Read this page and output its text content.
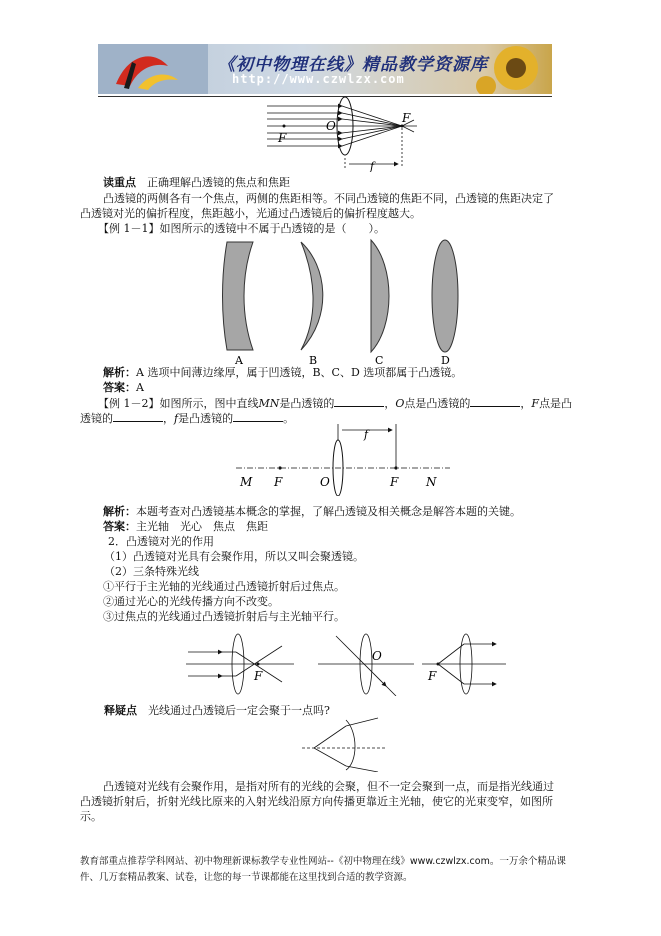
《初中物理在线》精品教学资源库
http://www.czwlzx.com
O
F
F
f
读重点　 正确理解凸透镜的焦点和焦距
凸透镜的两侧各有一个焦点，两侧的焦距相等。不同凸透镜的焦距不同，凸透镜的焦距决定了
凸透镜对光的偏折程度，焦距越小，光通过凸透镜后的偏折程度越大。
【例 1－1】如图所示的透镜中不属于凸透镜的是（　　）。
A	B	C	D
解析：A 选项中间薄边缘厚，属于凹透镜，B、C、D 选项都属于凸透镜。
答案：A
【例 1－2】如图所示，图中直线MN是凸透镜的	，O点是凸透镜的	，F点是凸
透镜的	，f是凸透镜的	。
f
M F	O	F N
解析：本题考查对凸透镜基本概念的掌握，了解凸透镜及相关概念是解答本题的关键。
答案：主光轴　光心　焦点　焦距
2．凸透镜对光的作用
（1）凸透镜对光具有会聚作用，所以又叫会聚透镜。
（2）三条特殊光线
①平行于主光轴的光线通过凸透镜折射后过焦点。
②通过光心的光线传播方向不改变。
③过焦点的光线通过凸透镜折射后与主光轴平行。
F
O
F
释疑点　 光线通过凸透镜后一定会聚于一点吗?
凸透镜对光线有会聚作用，是指对所有的光线的会聚，但不一定会聚到一点，而是指光线通过
凸透镜折射后，折射光线比原来的入射光线沿原方向传播更靠近主光轴，使它的光束变窄，如图所
示。
教育部重点推荐学科网站、初中物理新课标教学专业性网站--《初中物理在线》www.czwlzx.com。一万余个精品课
件、几万套精品教案、试卷，让您的每一节课都能在这里找到合适的教学资源。
